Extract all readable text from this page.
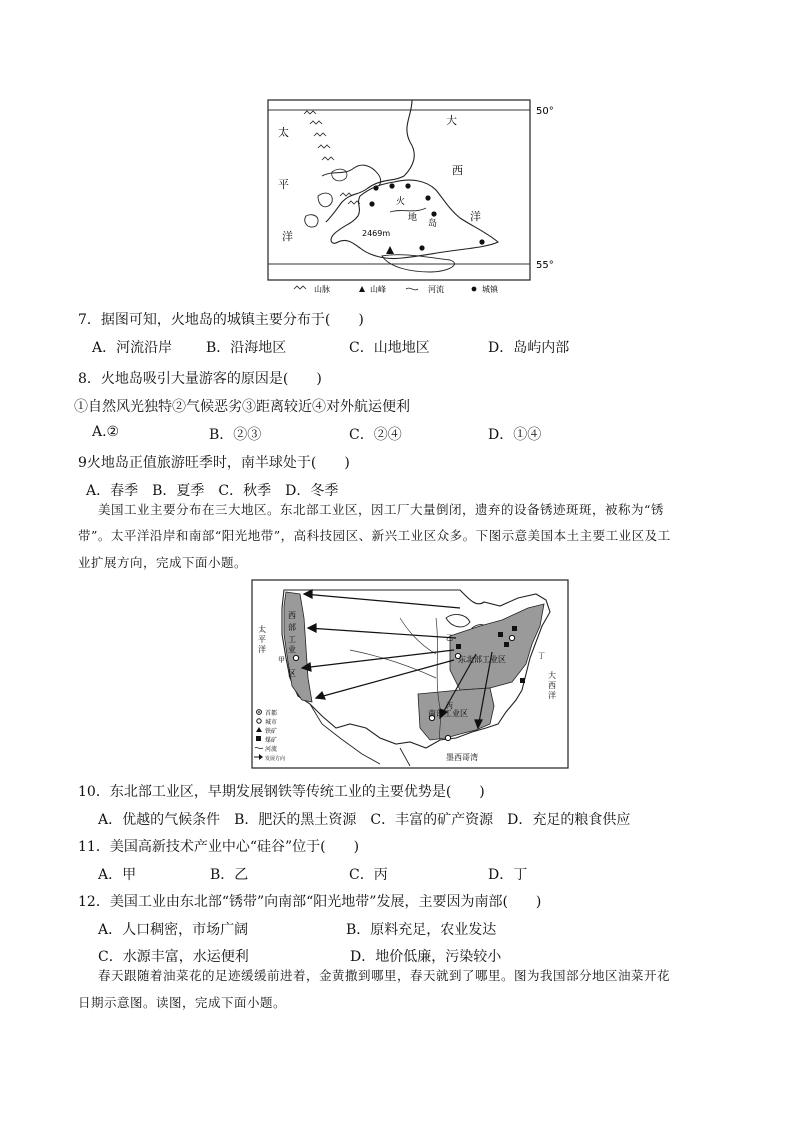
50°
55°
太
平
洋
大
西
洋
火
地
岛
2469m
山脉	山峰	河流	城镇
7．据图可知，火地岛的城镇主要分布于(　　)
A．河流沿岸 B．沿海地区	C．山地地区	D．岛屿内部
8．火地岛吸引大量游客的原因是(　　)
①自然风光独特②气候恶劣③距离较近④对外航运便利
A.②	B．②③	C．②④	D．①④
9火地岛正值旅游旺季时，南半球处于(　　)
A．春季　B．夏季　C．秋季　D．冬季
美国工业主要分布在三大地区。东北部工业区，因工厂大量倒闭，遗弃的设备锈迹斑斑，被称为“锈
带”。太平洋沿岸和南部“阳光地带”，高科技园区、新兴工业区众多。下图示意美国本土主要工业区及工
业扩展方向，完成下面小题。
太
平
洋
西
部
工
业
区
甲	东北部工业区
南部工业区
丙
乙
丁
大
西
洋
墨西哥湾
首都
城市
铁矿
煤矿
河流
发展方向
10．东北部工业区，早期发展钢铁等传统工业的主要优势是(　　)
A．优越的气候条件　B．肥沃的黑土资源　C．丰富的矿产资源　D．充足的粮食供应
11．美国高新技术产业中心“硅谷”位于(　　)
A．甲	B．乙	C．丙	D．丁
12．美国工业由东北部“锈带”向南部“阳光地带”发展，主要因为南部(　　)
A．人口稠密，市场广阔	B．原料充足，农业发达
C．水源丰富，水运便利	D．地价低廉，污染较小
春天跟随着油菜花的足迹缓缓前进着，金黄撒到哪里，春天就到了哪里。图为我国部分地区油菜开花
日期示意图。读图，完成下面小题。
